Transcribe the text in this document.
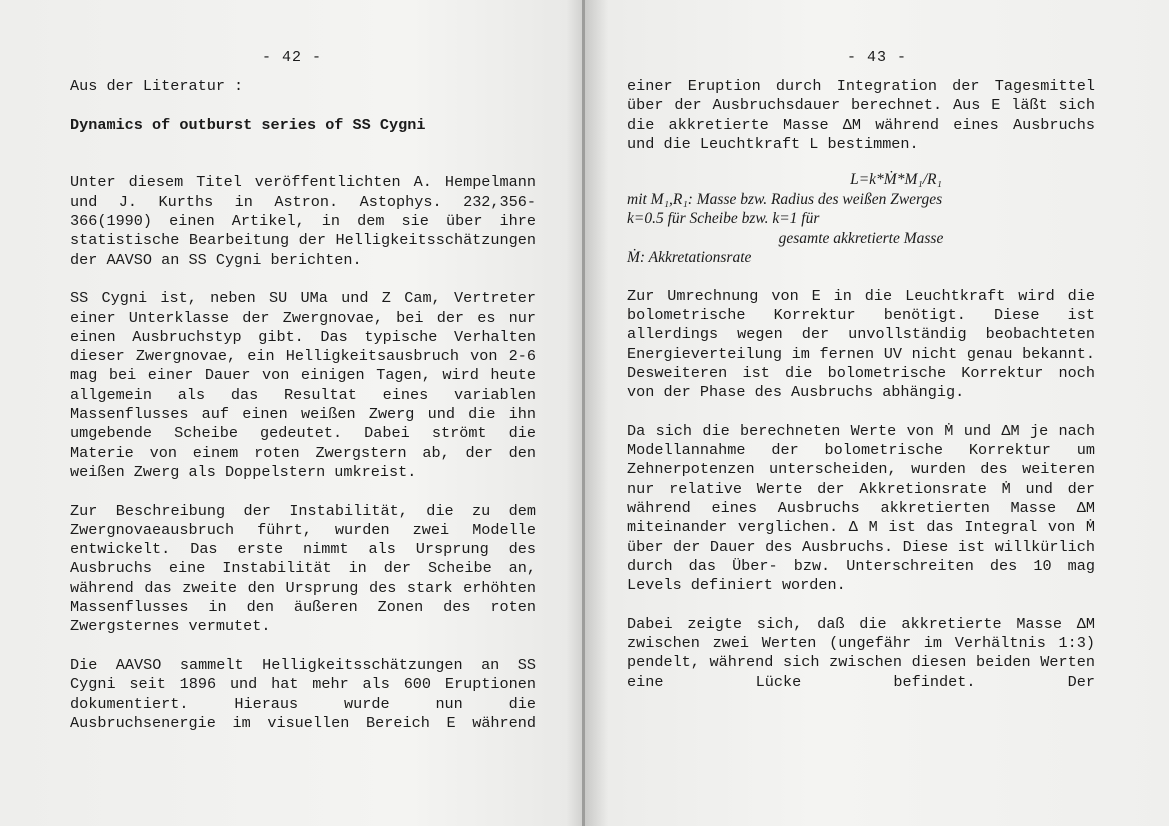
- 42 -

Aus der Literatur :

Dynamics of outburst series of SS Cygni

Unter diesem Titel veröffentlichten A. Hempelmann und J. Kurths in Astron. Astophys. 232,356-366(1990) einen Artikel, in dem sie über ihre statistische Bearbeitung der Helligkeitsschätzungen der AAVSO an SS Cygni berichten.

SS Cygni ist, neben SU UMa und Z Cam, Vertreter einer Unterklasse der Zwergnovae, bei der es nur einen Ausbruchstyp gibt. Das typische Verhalten dieser Zwergnovae, ein Helligkeitsausbruch von 2-6 mag bei einer Dauer von einigen Tagen, wird heute allgemein als das Resultat eines variablen Massenflusses auf einen weißen Zwerg und die ihn umgebende Scheibe gedeutet. Dabei strömt die Materie von einem roten Zwergstern ab, der den weißen Zwerg als Doppelstern umkreist.

Zur Beschreibung der Instabilität, die zu dem Zwergnovaeausbruch führt, wurden zwei Modelle entwickelt. Das erste nimmt als Ursprung des Ausbruchs eine Instabilität in der Scheibe an, während das zweite den Ursprung des stark erhöhten Massenflusses in den äußeren Zonen des roten Zwergsternes vermutet.

Die AAVSO sammelt Helligkeitsschätzungen an SS Cygni seit 1896 und hat mehr als 600 Eruptionen dokumentiert. Hieraus wurde nun die Ausbruchsenergie im visuellen Bereich E während

- 43 -

einer Eruption durch Integration der Tagesmittel über der Ausbruchsdauer berechnet. Aus E läßt sich die akkretierte Masse ΔM während eines Ausbruchs und die Leuchtkraft L bestimmen.

L=k*Ṁ*M₁/R₁
mit M₁,R₁: Masse bzw. Radius des weißen Zwerges
k=0.5 für Scheibe bzw. k=1 für
gesamte akkretierte Masse
Ṁ: Akkretationsrate

Zur Umrechnung von E in die Leuchtkraft wird die bolometrische Korrektur benötigt. Diese ist allerdings wegen der unvollständig beobachteten Energieverteilung im fernen UV nicht genau bekannt. Desweiteren ist die bolometrische Korrektur noch von der Phase des Ausbruchs abhängig.

Da sich die berechneten Werte von Ṁ und ΔM je nach Modellannahme der bolometrische Korrektur um Zehnerpotenzen unterscheiden, wurden des weiteren nur relative Werte der Akkretionsrate Ṁ und der während eines Ausbruchs akkretierten Masse ΔM miteinander verglichen. Δ M ist das Integral von Ṁ über der Dauer des Ausbruchs. Diese ist willkürlich durch das Über- bzw. Unterschreiten des 10 mag Levels definiert worden.

Dabei zeigte sich, daß die akkretierte Masse ΔM zwischen zwei Werten (ungefähr im Verhältnis 1:3) pendelt, während sich zwischen diesen beiden Werten eine Lücke befindet. Der
